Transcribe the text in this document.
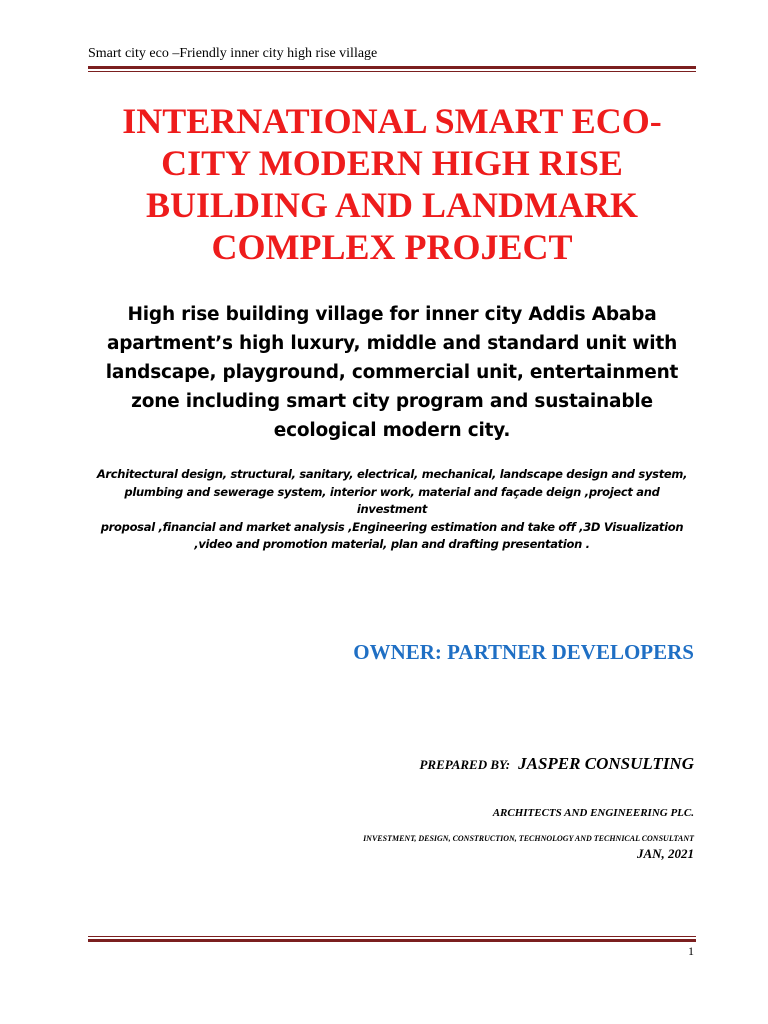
Smart city eco –Friendly inner city high rise village
INTERNATIONAL SMART ECO-
CITY MODERN HIGH RISE
BUILDING AND LANDMARK
COMPLEX PROJECT

High rise building village for inner city Addis Ababa
apartment’s high luxury, middle and standard unit with
landscape, playground, commercial unit, entertainment
zone including smart city program and sustainable
ecological modern city.

Architectural design, structural, sanitary, electrical, mechanical, landscape design and system,
plumbing and sewerage system, interior work, material and façade deign ,project and investment
proposal ,financial and market analysis ,Engineering estimation and take off ,3D Visualization
,video and promotion material, plan and drafting presentation .

OWNER: PARTNER DEVELOPERS
PREPARED BY: JASPER CONSULTING
ARCHITECTS AND ENGINEERING PLC.
INVESTMENT, DESIGN, CONSTRUCTION, TECHNOLOGY AND TECHNICAL CONSULTANT
JAN, 2021
1
